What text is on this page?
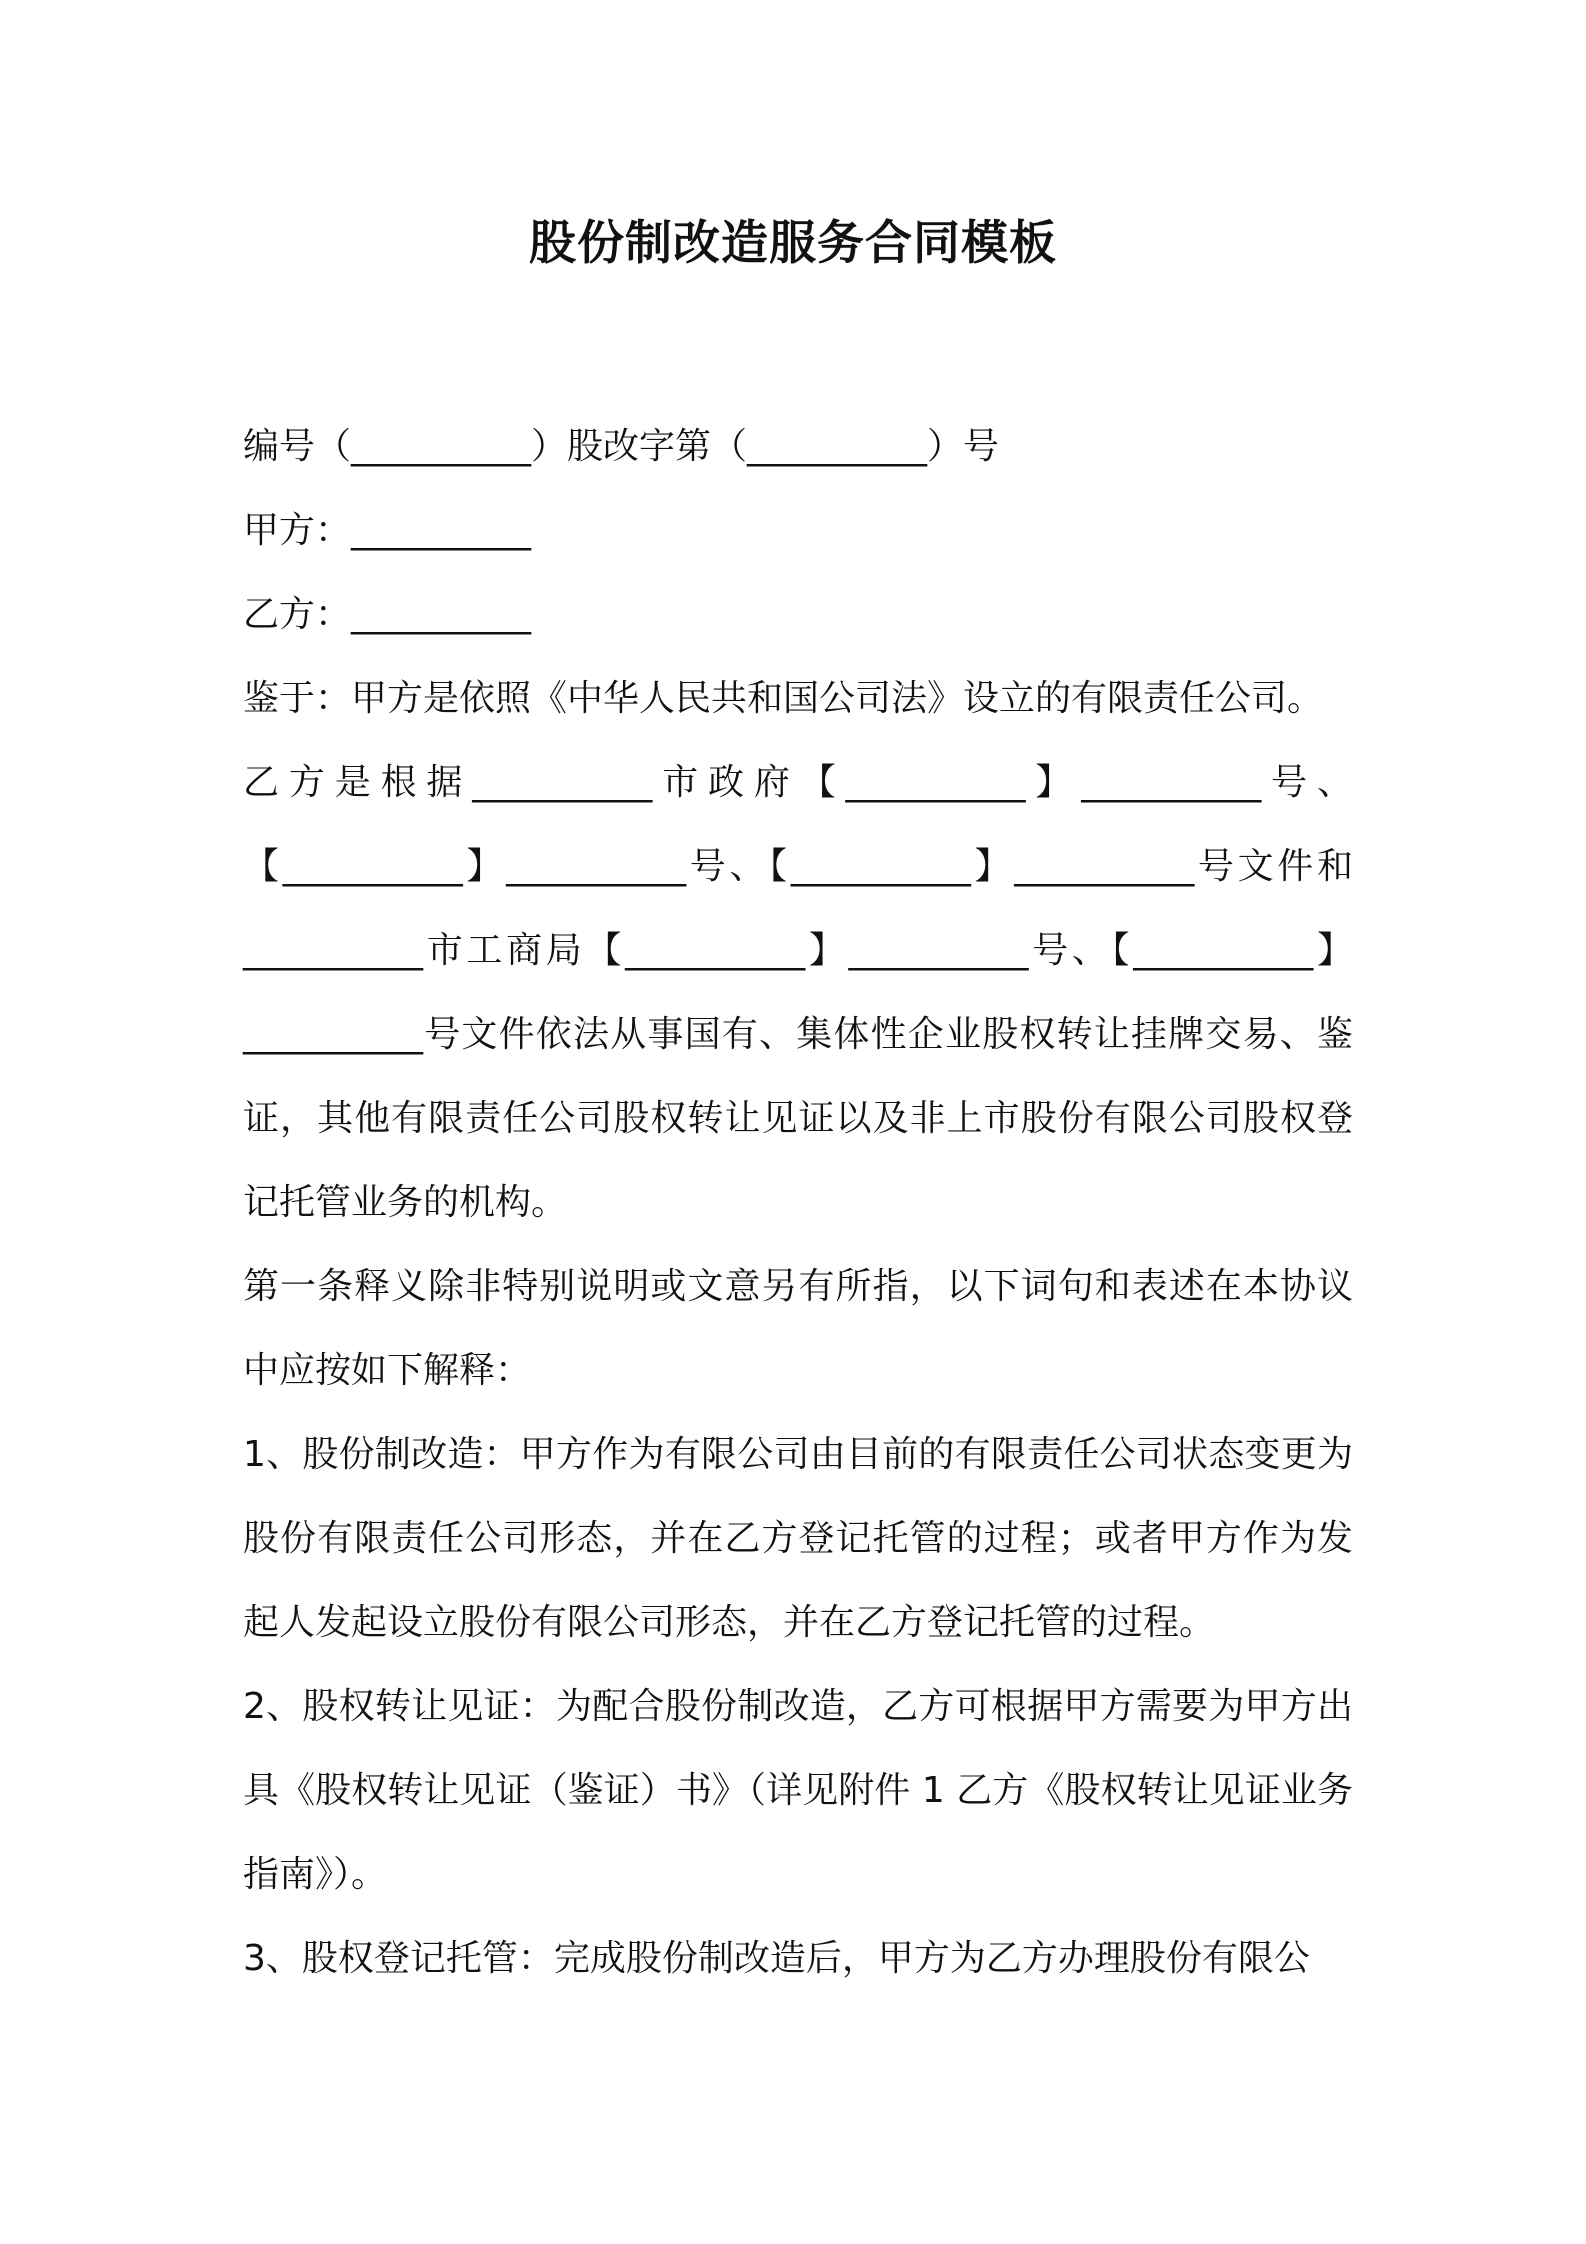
股份制改造服务合同模板

编号（__________）股改字第（__________）号

甲方：__________

乙方：__________

鉴于：甲方是依照《中华人民共和国公司法》设立的有限责任公司。

乙方是根据__________市政府【__________】__________号、【__________】__________号、【__________】__________号文件和__________市工商局【__________】__________号、【__________】__________号文件依法从事国有、集体性企业股权转让挂牌交易、鉴证，其他有限责任公司股权转让见证以及非上市股份有限公司股权登记托管业务的机构。

第一条释义除非特别说明或文意另有所指，以下词句和表述在本协议中应按如下解释：

1、股份制改造：甲方作为有限公司由目前的有限责任公司状态变更为股份有限责任公司形态，并在乙方登记托管的过程；或者甲方作为发起人发起设立股份有限公司形态，并在乙方登记托管的过程。

2、股权转让见证：为配合股份制改造，乙方可根据甲方需要为甲方出具《股权转让见证（鉴证）书》（详见附件 1 乙方《股权转让见证业务指南》）。

3、股权登记托管：完成股份制改造后，甲方为乙方办理股份有限公
